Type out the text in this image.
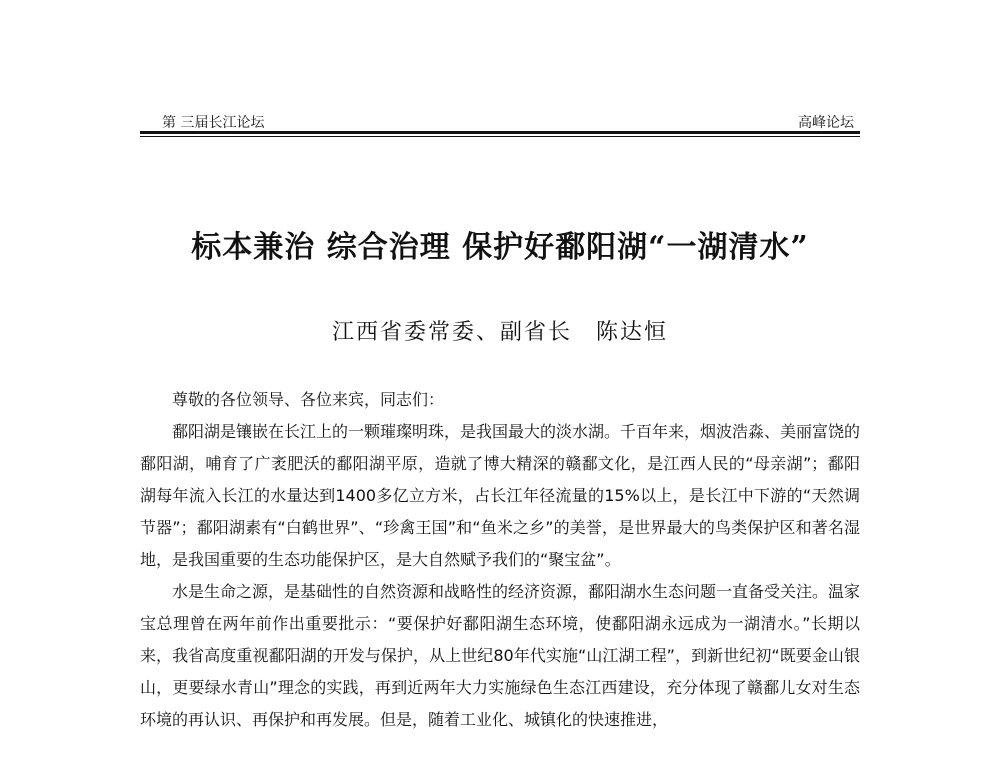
第 三届长江论坛	高峰论坛
标本兼治 综合治理 保护好鄱阳湖“一湖清水”
江西省委常委、副省长　陈达恒

尊敬的各位领导、各位来宾，同志们：

鄱阳湖是镶嵌在长江上的一颗璀璨明珠，是我国最大的淡水湖。千百年来，烟波浩淼、美丽富饶的鄱阳湖，哺育了广袤肥沃的鄱阳湖平原，造就了博大精深的赣鄱文化，是江西人民的“母亲湖”；鄱阳湖每年流入长江的水量达到1400多亿立方米，占长江年径流量的15%以上，是长江中下游的“天然调节器”；鄱阳湖素有“白鹤世界”、“珍禽王国”和“鱼米之乡”的美誉，是世界最大的鸟类保护区和著名湿地，是我国重要的生态功能保护区，是大自然赋予我们的“聚宝盆”。

水是生命之源，是基础性的自然资源和战略性的经济资源，鄱阳湖水生态问题一直备受关注。温家宝总理曾在两年前作出重要批示：“要保护好鄱阳湖生态环境，使鄱阳湖永远成为一湖清水。”长期以来，我省高度重视鄱阳湖的开发与保护，从上世纪80年代实施“山江湖工程”，到新世纪初“既要金山银山，更要绿水青山”理念的实践，再到近两年大力实施绿色生态江西建设，充分体现了赣鄱儿女对生态环境的再认识、再保护和再发展。但是，随着工业化、城镇化的快速推进，
